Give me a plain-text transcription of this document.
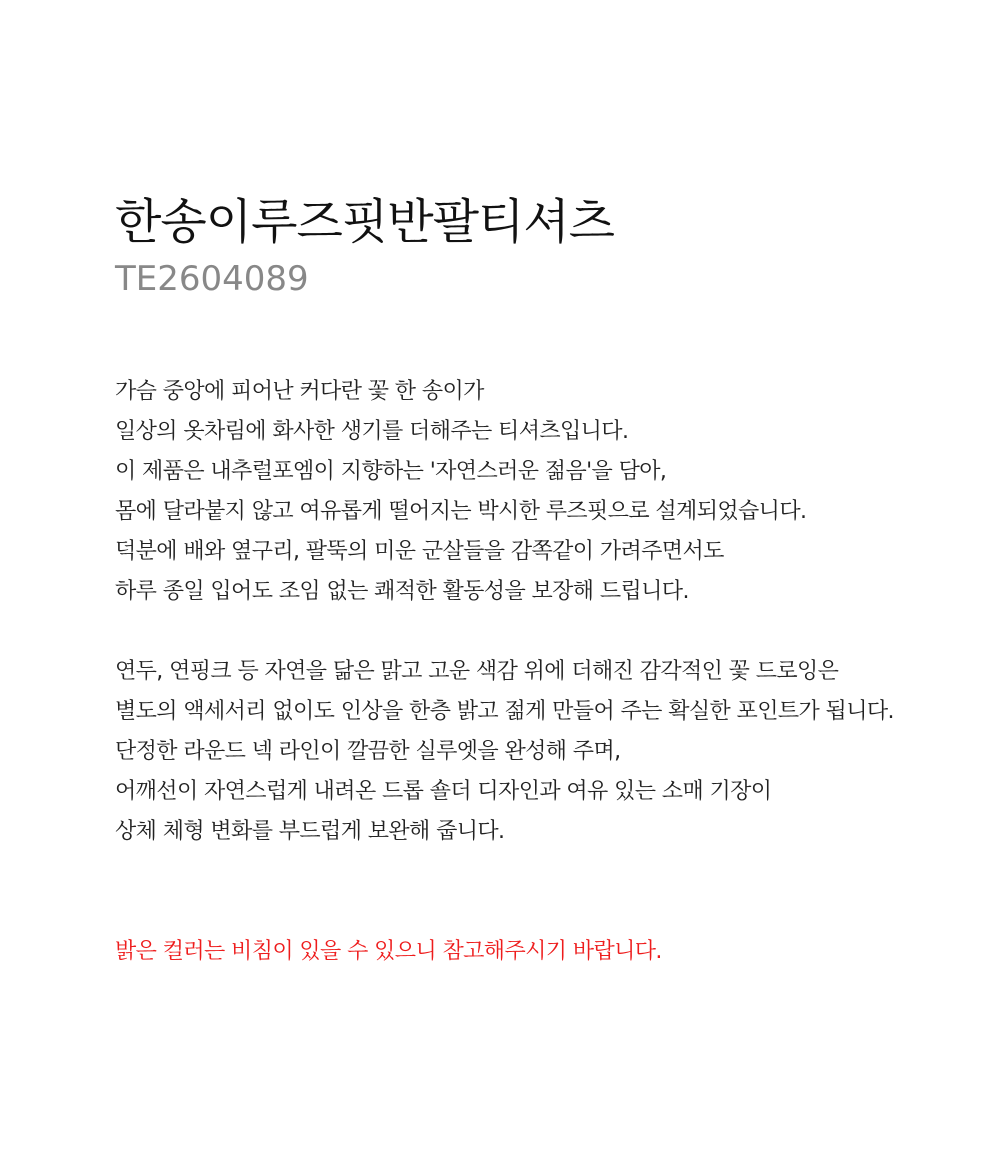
한송이루즈핏반팔티셔츠

TE2604089

가슴 중앙에 피어난 커다란 꽃 한 송이가
일상의 옷차림에 화사한 생기를 더해주는 티셔츠입니다.
이 제품은 내추럴포엠이 지향하는 '자연스러운 젊음'을 담아,
몸에 달라붙지 않고 여유롭게 떨어지는 박시한 루즈핏으로 설계되었습니다.
덕분에 배와 옆구리, 팔뚝의 미운 군살들을 감쪽같이 가려주면서도
하루 종일 입어도 조임 없는 쾌적한 활동성을 보장해 드립니다.
연두, 연핑크 등 자연을 닮은 맑고 고운 색감 위에 더해진 감각적인 꽃 드로잉은
별도의 액세서리 없이도 인상을 한층 밝고 젊게 만들어 주는 확실한 포인트가 됩니다.
단정한 라운드 넥 라인이 깔끔한 실루엣을 완성해 주며,
어깨선이 자연스럽게 내려온 드롭 숄더 디자인과 여유 있는 소매 기장이
상체 체형 변화를 부드럽게 보완해 줍니다.

밝은 컬러는 비침이 있을 수 있으니 참고해주시기 바랍니다.
